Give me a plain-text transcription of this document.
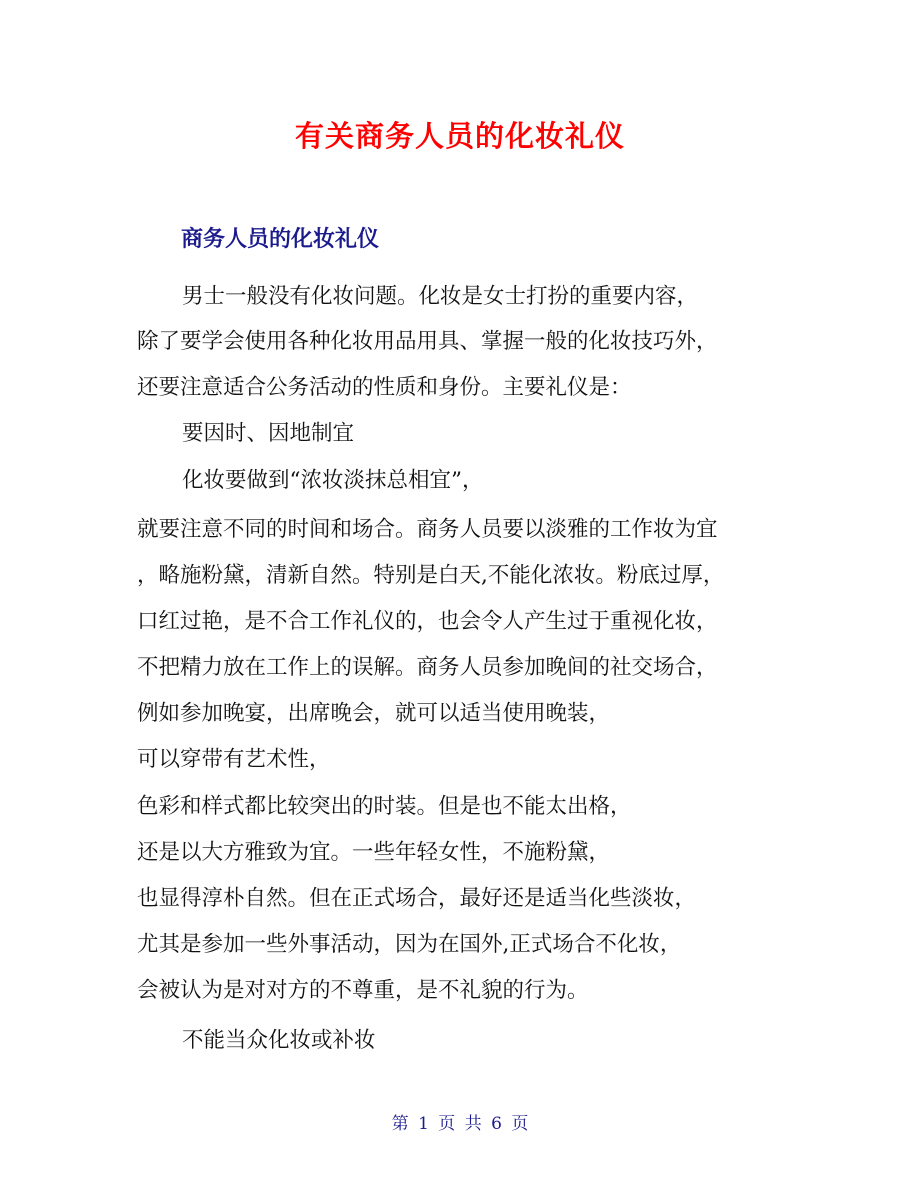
有关商务人员的化妆礼仪
商务人员的化妆礼仪
男士一般没有化妆问题。化妆是女士打扮的重要内容，
除了要学会使用各种化妆用品用具、掌握一般的化妆技巧外，
还要注意适合公务活动的性质和身份。主要礼仪是：
要因时、因地制宜
化妆要做到“浓妆淡抹总相宜”，
就要注意不同的时间和场合。商务人员要以淡雅的工作妆为宜
，略施粉黛，清新自然。特别是白天,不能化浓妆。粉底过厚，
口红过艳，是不合工作礼仪的，也会令人产生过于重视化妆，
不把精力放在工作上的误解。商务人员参加晚间的社交场合，
例如参加晚宴，出席晚会，就可以适当使用晚装，
可以穿带有艺术性，
色彩和样式都比较突出的时装。但是也不能太出格，
还是以大方雅致为宜。一些年轻女性，不施粉黛，
也显得淳朴自然。但在正式场合，最好还是适当化些淡妆，
尤其是参加一些外事活动，因为在国外,正式场合不化妆，
会被认为是对对方的不尊重，是不礼貌的行为。
不能当众化妆或补妆
第 1 页 共 6 页
